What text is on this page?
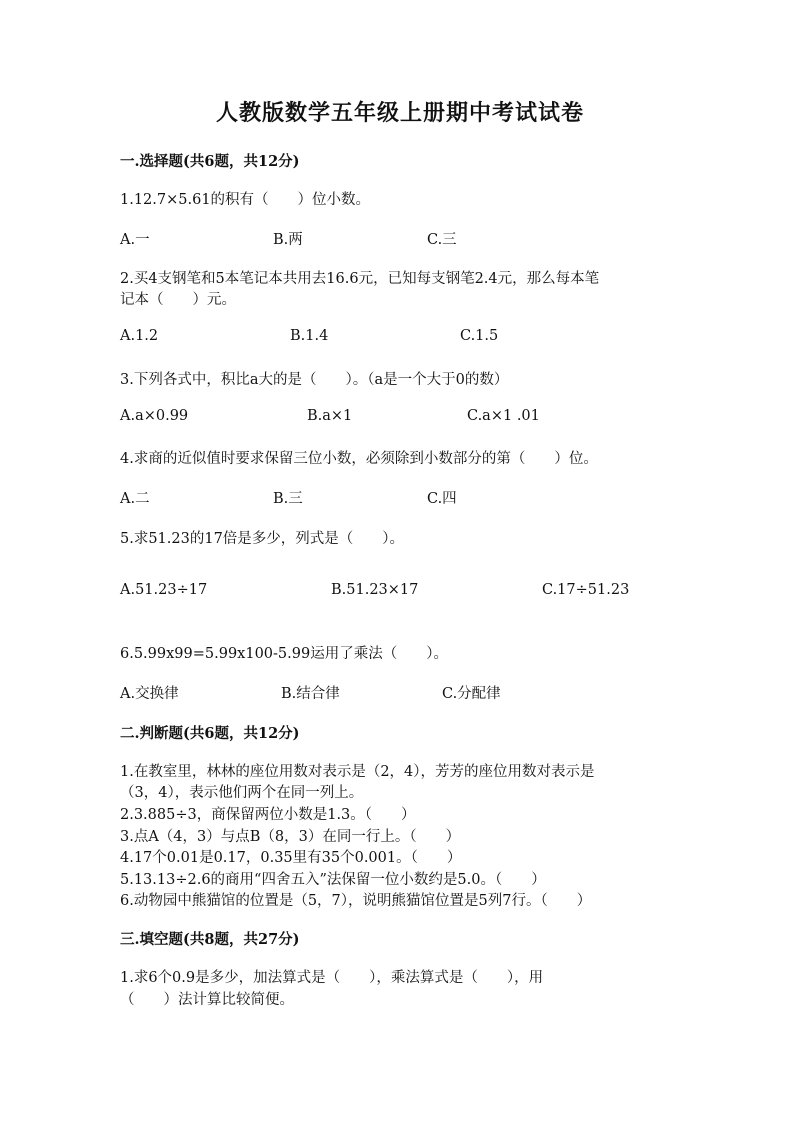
人教版数学五年级上册期中考试试卷
一.选择题(共6题，共12分)
1.12.7×5.61的积有（　　）位小数。
A.一	B.两	C.三
2.买4支钢笔和5本笔记本共用去16.6元，已知每支钢笔2.4元，那么每本笔
记本（　　）元。
A.1.2	B.1.4	C.1.5
3.下列各式中，积比a大的是（　　）。（a是一个大于0的数）
A.a×0.99	B.a×1	C.a×1 .01
4.求商的近似值时要求保留三位小数，必须除到小数部分的第（　　）位。
A.二	B.三	C.四
5.求51.23的17倍是多少，列式是（　　）。
A.51.23÷17	B.51.23×17	C.17÷51.23
6.5.99x99=5.99x100-5.99运用了乘法（　　）。
A.交换律	B.结合律	C.分配律
二.判断题(共6题，共12分)
1.在教室里，林林的座位用数对表示是（2，4），芳芳的座位用数对表示是
（3，4），表示他们两个在同一列上。
2.3.885÷3，商保留两位小数是1.3。（　　）
3.点A（4，3）与点B（8，3）在同一行上。（　　）
4.17个0.01是0.17，0.35里有35个0.001。（　　）
5.13.13÷2.6的商用“四舍五入”法保留一位小数约是5.0。（　　）
6.动物园中熊猫馆的位置是（5，7），说明熊猫馆位置是5列7行。（　　）
三.填空题(共8题，共27分)
1.求6个0.9是多少，加法算式是（　　），乘法算式是（　　），用
（　　）法计算比较简便。
